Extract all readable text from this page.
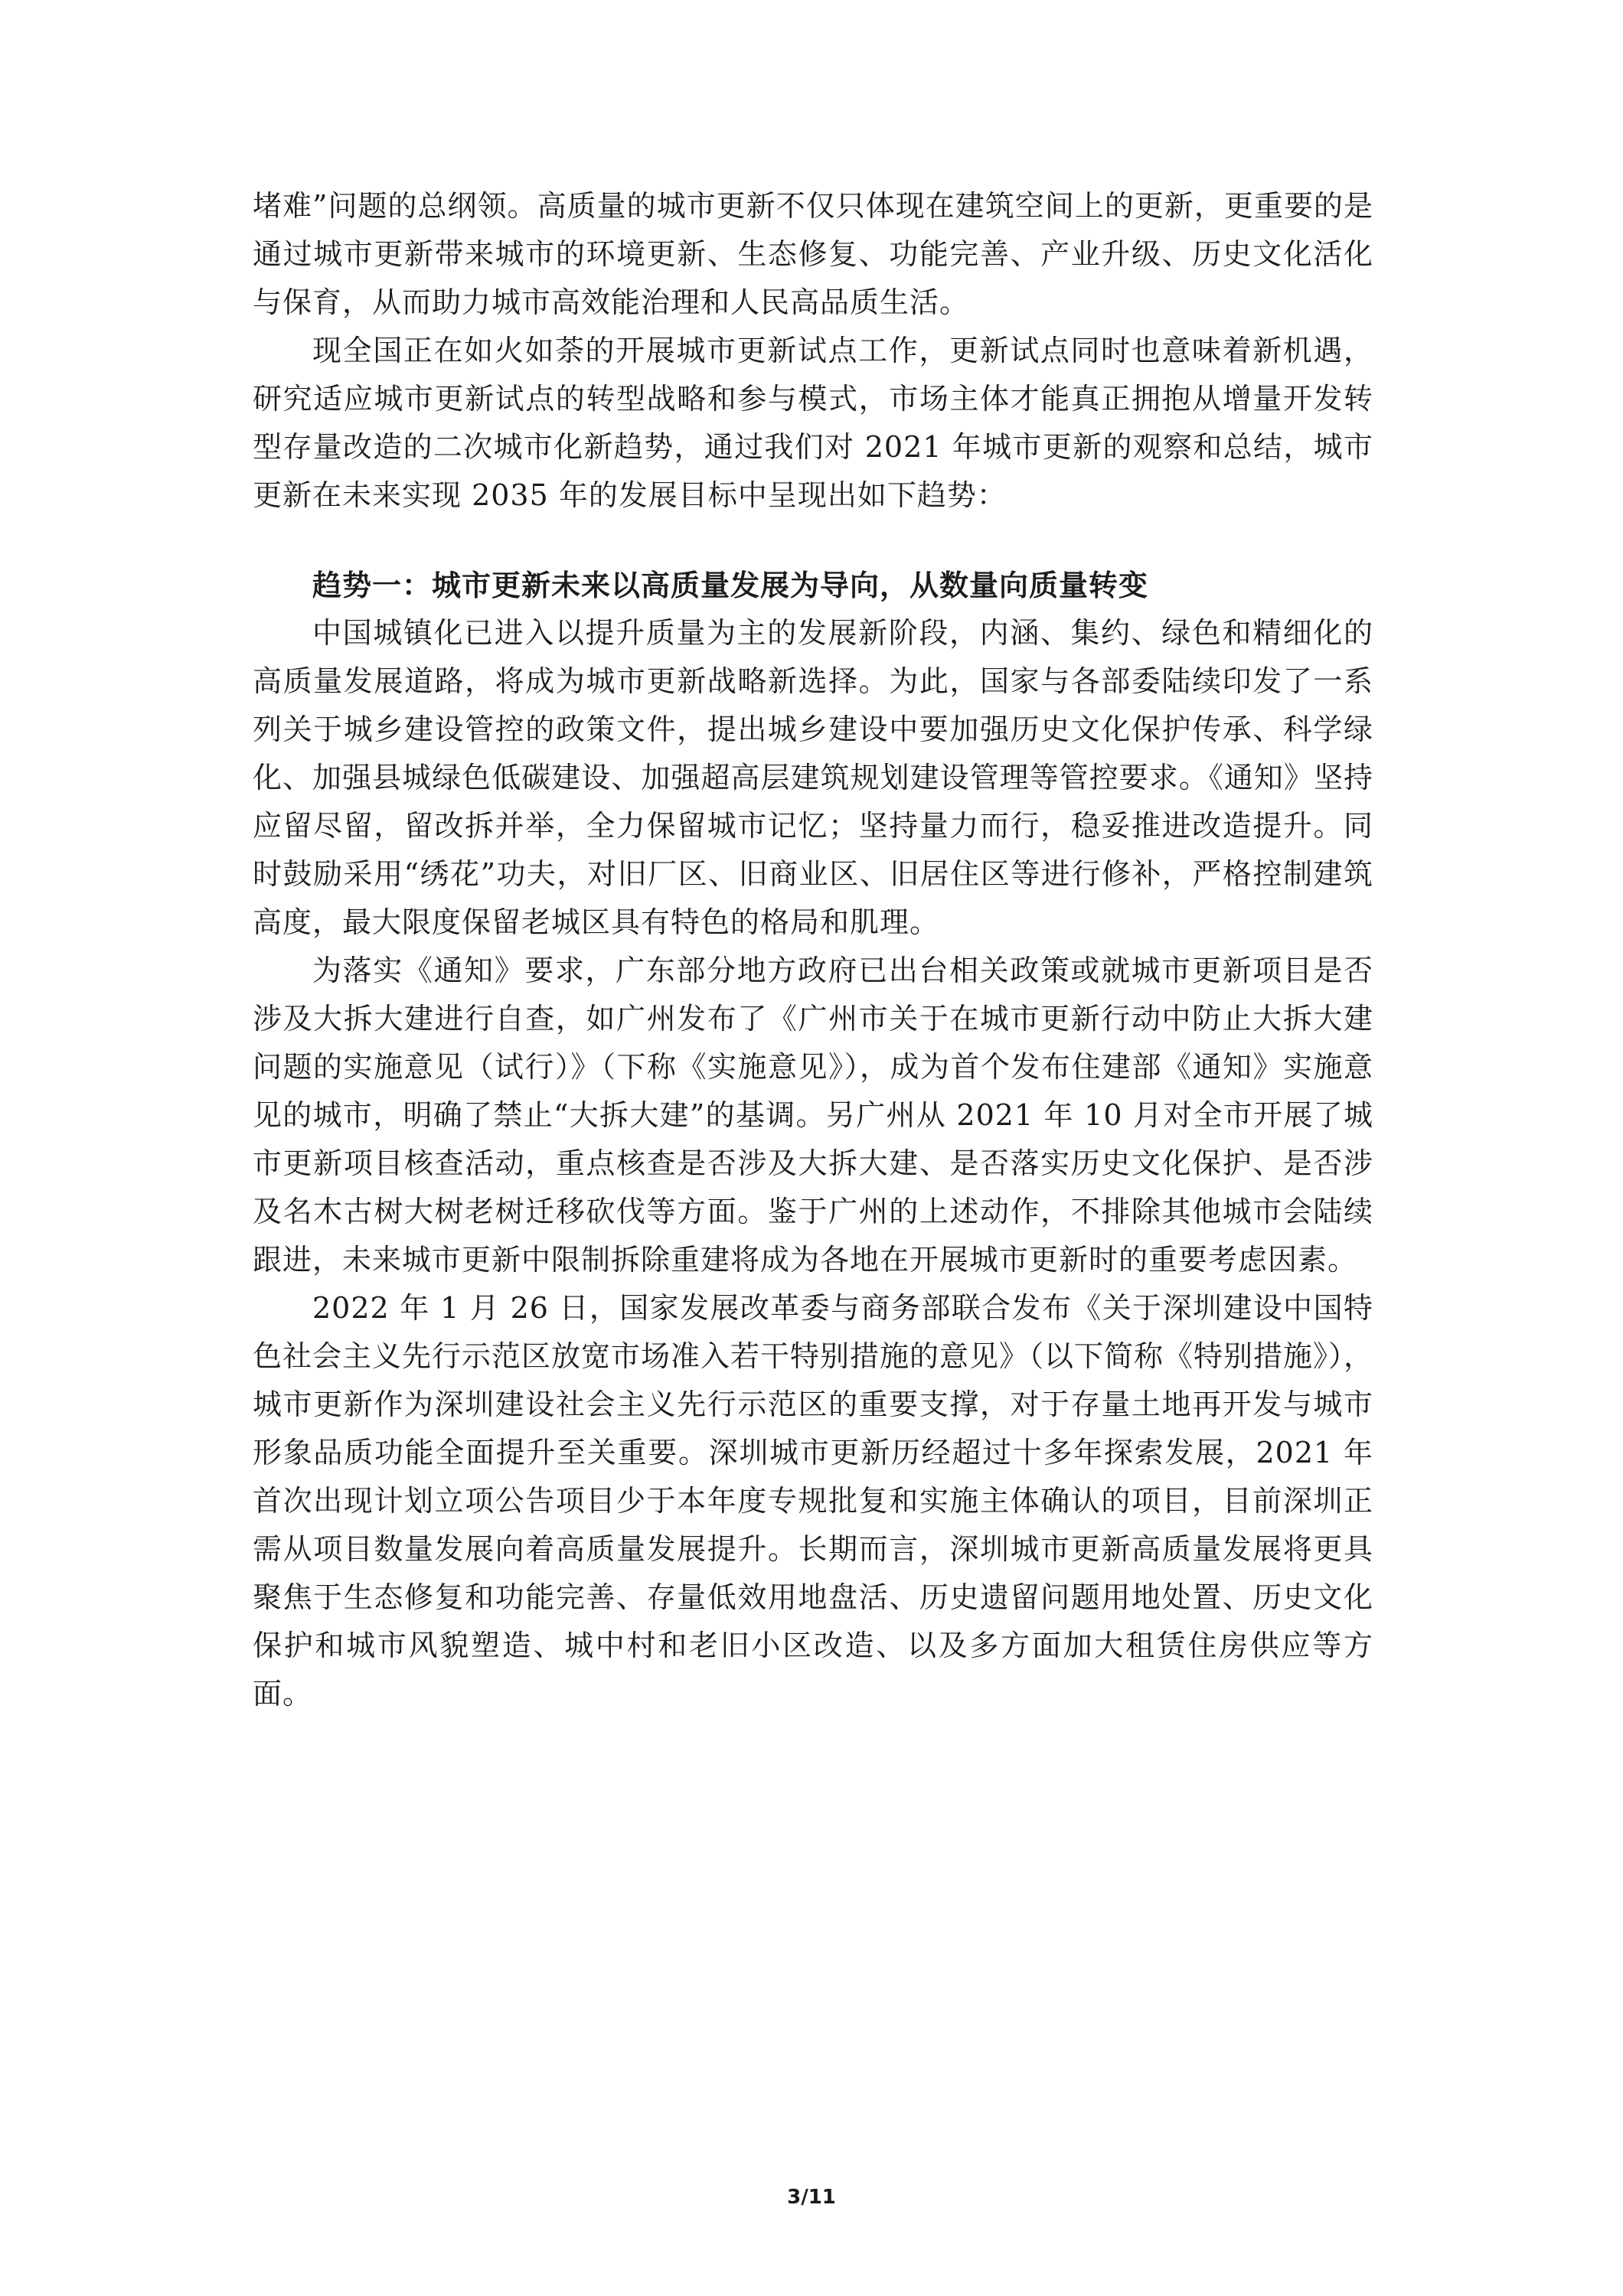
堵难”问题的总纲领。高质量的城市更新不仅只体现在建筑空间上的更新，更重要的是通过城市更新带来城市的环境更新、生态修复、功能完善、产业升级、历史文化活化与保育，从而助力城市高效能治理和人民高品质生活。

现全国正在如火如荼的开展城市更新试点工作，更新试点同时也意味着新机遇，研究适应城市更新试点的转型战略和参与模式，市场主体才能真正拥抱从增量开发转型存量改造的二次城市化新趋势，通过我们对 2021 年城市更新的观察和总结，城市更新在未来实现 2035 年的发展目标中呈现出如下趋势：

趋势一：城市更新未来以高质量发展为导向，从数量向质量转变

中国城镇化已进入以提升质量为主的发展新阶段，内涵、集约、绿色和精细化的高质量发展道路，将成为城市更新战略新选择。为此，国家与各部委陆续印发了一系列关于城乡建设管控的政策文件，提出城乡建设中要加强历史文化保护传承、科学绿化、加强县城绿色低碳建设、加强超高层建筑规划建设管理等管控要求。《通知》坚持应留尽留，留改拆并举，全力保留城市记忆；坚持量力而行，稳妥推进改造提升。同时鼓励采用“绣花”功夫，对旧厂区、旧商业区、旧居住区等进行修补，严格控制建筑高度，最大限度保留老城区具有特色的格局和肌理。

为落实《通知》要求，广东部分地方政府已出台相关政策或就城市更新项目是否涉及大拆大建进行自查，如广州发布了《广州市关于在城市更新行动中防止大拆大建问题的实施意见（试行）》（下称《实施意见》），成为首个发布住建部《通知》实施意见的城市，明确了禁止“大拆大建”的基调。另广州从 2021 年 10 月对全市开展了城市更新项目核查活动，重点核查是否涉及大拆大建、是否落实历史文化保护、是否涉及名木古树大树老树迁移砍伐等方面。鉴于广州的上述动作，不排除其他城市会陆续跟进，未来城市更新中限制拆除重建将成为各地在开展城市更新时的重要考虑因素。

2022 年 1 月 26 日，国家发展改革委与商务部联合发布《关于深圳建设中国特色社会主义先行示范区放宽市场准入若干特别措施的意见》（以下简称《特别措施》），城市更新作为深圳建设社会主义先行示范区的重要支撑，对于存量土地再开发与城市形象品质功能全面提升至关重要。深圳城市更新历经超过十多年探索发展，2021 年首次出现计划立项公告项目少于本年度专规批复和实施主体确认的项目，目前深圳正需从项目数量发展向着高质量发展提升。长期而言，深圳城市更新高质量发展将更具聚焦于生态修复和功能完善、存量低效用地盘活、历史遗留问题用地处置、历史文化保护和城市风貌塑造、城中村和老旧小区改造、以及多方面加大租赁住房供应等方面。

3/11
